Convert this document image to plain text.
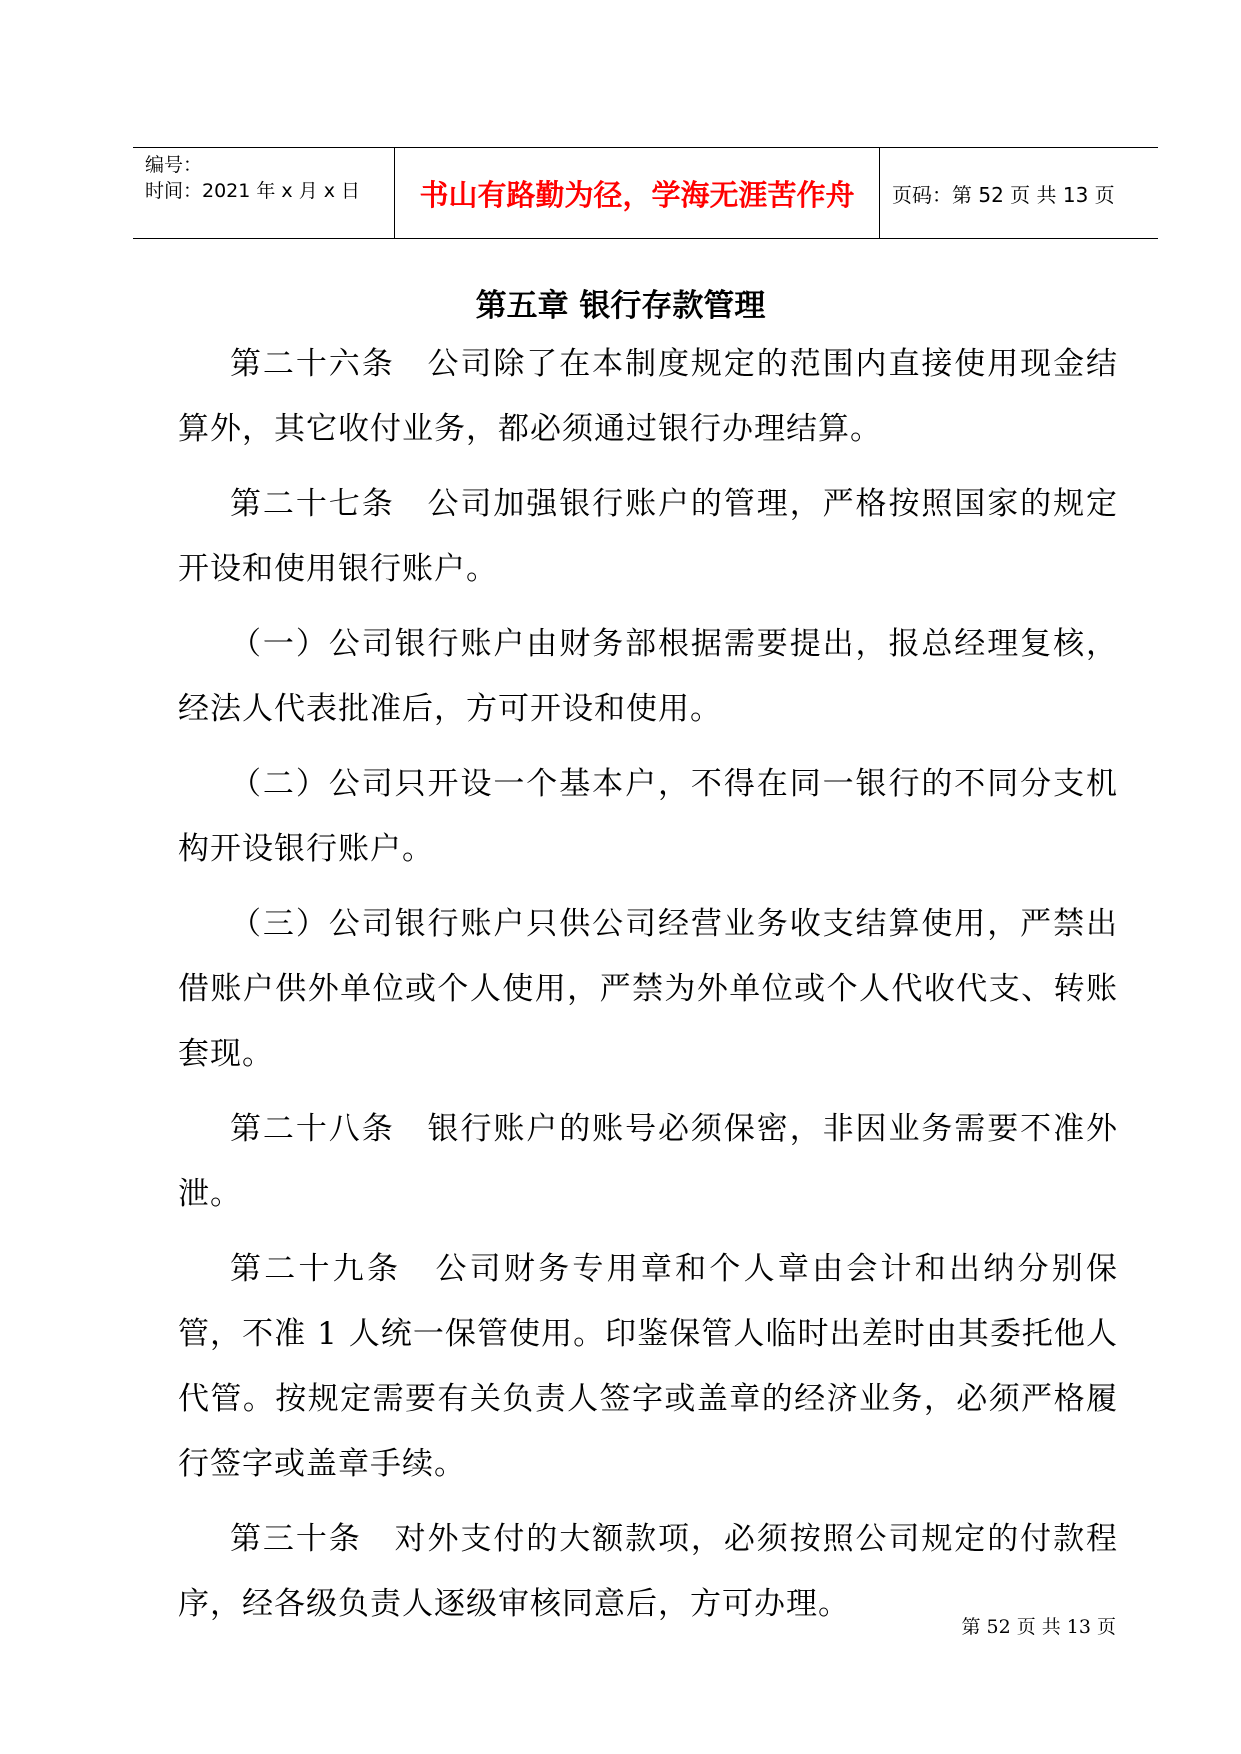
编号：
时间：2021 年 x 月 x 日	书山有路勤为径，学海无涯苦作舟	页码：第 52 页 共 13 页
第五章 银行存款管理

第二十六条　公司除了在本制度规定的范围内直接使用现金结算外，其它收付业务，都必须通过银行办理结算。

第二十七条　公司加强银行账户的管理，严格按照国家的规定开设和使用银行账户。

（一）公司银行账户由财务部根据需要提出，报总经理复核，经法人代表批准后，方可开设和使用。

（二）公司只开设一个基本户，不得在同一银行的不同分支机构开设银行账户。

（三）公司银行账户只供公司经营业务收支结算使用，严禁出借账户供外单位或个人使用，严禁为外单位或个人代收代支、转账套现。

第二十八条　银行账户的账号必须保密，非因业务需要不准外泄。

第二十九条　公司财务专用章和个人章由会计和出纳分别保管，不准 1 人统一保管使用。印鉴保管人临时出差时由其委托他人代管。按规定需要有关负责人签字或盖章的经济业务，必须严格履行签字或盖章手续。

第三十条　对外支付的大额款项，必须按照公司规定的付款程序，经各级负责人逐级审核同意后，方可办理。

第 52 页 共 13 页
